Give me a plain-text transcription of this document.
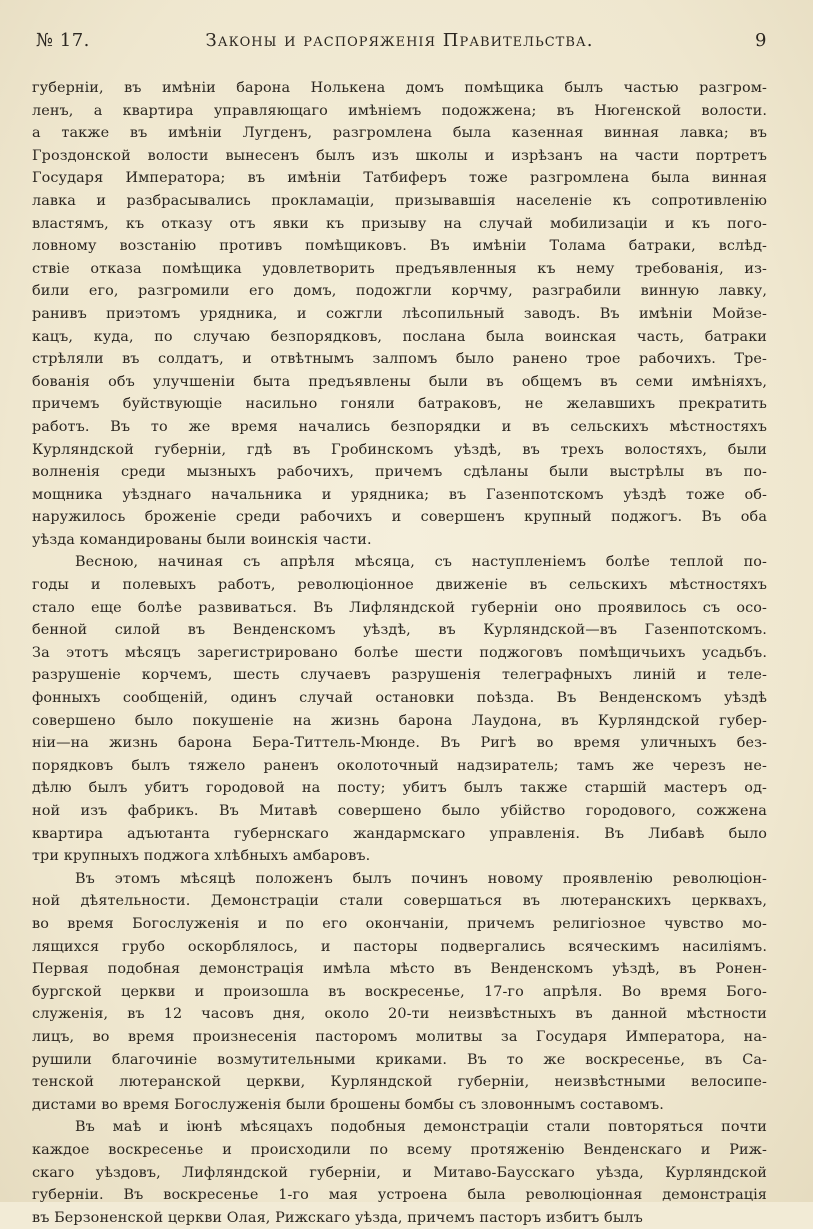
№ 17.	Законы и распоряженія Правительства.	9
губерніи, въ имѣніи барона Нолькена домъ помѣщика былъ частью разгром-
ленъ, а квартира управляющаго имѣніемъ подожжена; въ Нюгенской волости.
а также въ имѣніи Лугденъ, разгромлена была казенная винная лавка; въ
Гроздонской волости вынесенъ былъ изъ школы и изрѣзанъ на части портретъ
Государя Императора; въ имѣніи Татбиферъ тоже разгромлена была винная
лавка и разбрасывались прокламаціи, призывавшія населеніе къ сопротивленію
властямъ, къ отказу отъ явки къ призыву на случай мобилизаціи и къ пого-
ловному возстанію противъ помѣщиковъ. Въ имѣніи Толама батраки, вслѣд-
ствіе отказа помѣщика удовлетворить предъявленныя къ нему требованія, из-
били его, разгромили его домъ, подожгли корчму, разграбили винную лавку,
ранивъ приэтомъ урядника, и сожгли лѣсопильный заводъ. Въ имѣніи Мойзе-
кацъ, куда, по случаю безпорядковъ, послана была воинская часть, батраки
стрѣляли въ солдатъ, и отвѣтнымъ залпомъ было ранено трое рабочихъ. Тре-
бованія объ улучшеніи быта предъявлены были въ общемъ въ семи имѣніяхъ,
причемъ буйствующіе насильно гоняли батраковъ, не желавшихъ прекратить
работъ. Въ то же время начались безпорядки и въ сельскихъ мѣстностяхъ
Курляндской губерніи, гдѣ въ Гробинскомъ уѣздѣ, въ трехъ волостяхъ, были
волненія среди мызныхъ рабочихъ, причемъ сдѣланы были выстрѣлы въ по-
мощника уѣзднаго начальника и урядника; въ Газенпотскомъ уѣздѣ тоже об-
наружилось броженіе среди рабочихъ и совершенъ крупный поджогъ. Въ оба
уѣзда командированы были воинскія части.
Весною, начиная съ апрѣля мѣсяца, съ наступленіемъ болѣе теплой по-
годы и полевыхъ работъ, революціонное движеніе въ сельскихъ мѣстностяхъ
стало еще болѣе развиваться. Въ Лифляндской губерніи оно проявилось съ осо-
бенной силой въ Венденскомъ уѣздѣ, въ Курляндской—въ Газенпотскомъ.
За этотъ мѣсяцъ зарегистрировано болѣе шести поджоговъ помѣщичьихъ усадьбъ.
разрушеніе корчемъ, шесть случаевъ разрушенія телеграфныхъ линій и теле-
фонныхъ сообщеній, одинъ случай остановки поѣзда. Въ Венденскомъ уѣздѣ
совершено было покушеніе на жизнь барона Лаудона, въ Курляндской губер-
ніи—на жизнь барона Бера-Титтель-Мюнде. Въ Ригѣ во время уличныхъ без-
порядковъ былъ тяжело раненъ околоточный надзиратель; тамъ же черезъ не-
дѣлю былъ убитъ городовой на посту; убитъ былъ также старшій мастеръ од-
ной изъ фабрикъ. Въ Митавѣ совершено было убійство городового, сожжена
квартира адъютанта губернскаго жандармскаго управленія. Въ Либавѣ было
три крупныхъ поджога хлѣбныхъ амбаровъ.
Въ этомъ мѣсяцѣ положенъ былъ починъ новому проявленію революціон-
ной дѣятельности. Демонстраціи стали совершаться въ лютеранскихъ церквахъ,
во время Богослуженія и по его окончаніи, причемъ религіозное чувство мо-
лящихся грубо оскорблялось, и пасторы подвергались всяческимъ насиліямъ.
Первая подобная демонстрація имѣла мѣсто въ Венденскомъ уѣздѣ, въ Ронен-
бургской церкви и произошла въ воскресенье, 17-го апрѣля. Во время Бого-
служенія, въ 12 часовъ дня, около 20-ти неизвѣстныхъ въ данной мѣстности
лицъ, во время произнесенія пасторомъ молитвы за Государя Императора, на-
рушили благочиніе возмутительными криками. Въ то же воскресенье, въ Са-
тенской лютеранской церкви, Курляндской губерніи, неизвѣстными велосипе-
дистами во время Богослуженія были брошены бомбы съ зловоннымъ составомъ.
Въ маѣ и іюнѣ мѣсяцахъ подобныя демонстраціи стали повторяться почти
каждое воскресенье и происходили по всему протяженію Венденскаго и Риж-
скаго уѣздовъ, Лифляндской губерніи, и Митаво-Баусскаго уѣзда, Курляндской
губерніи. Въ воскресенье 1-го мая устроена была революціонная демонстрація
въ Берзоненской церкви Олая, Рижскаго уѣзда, причемъ пасторъ избитъ былъ
